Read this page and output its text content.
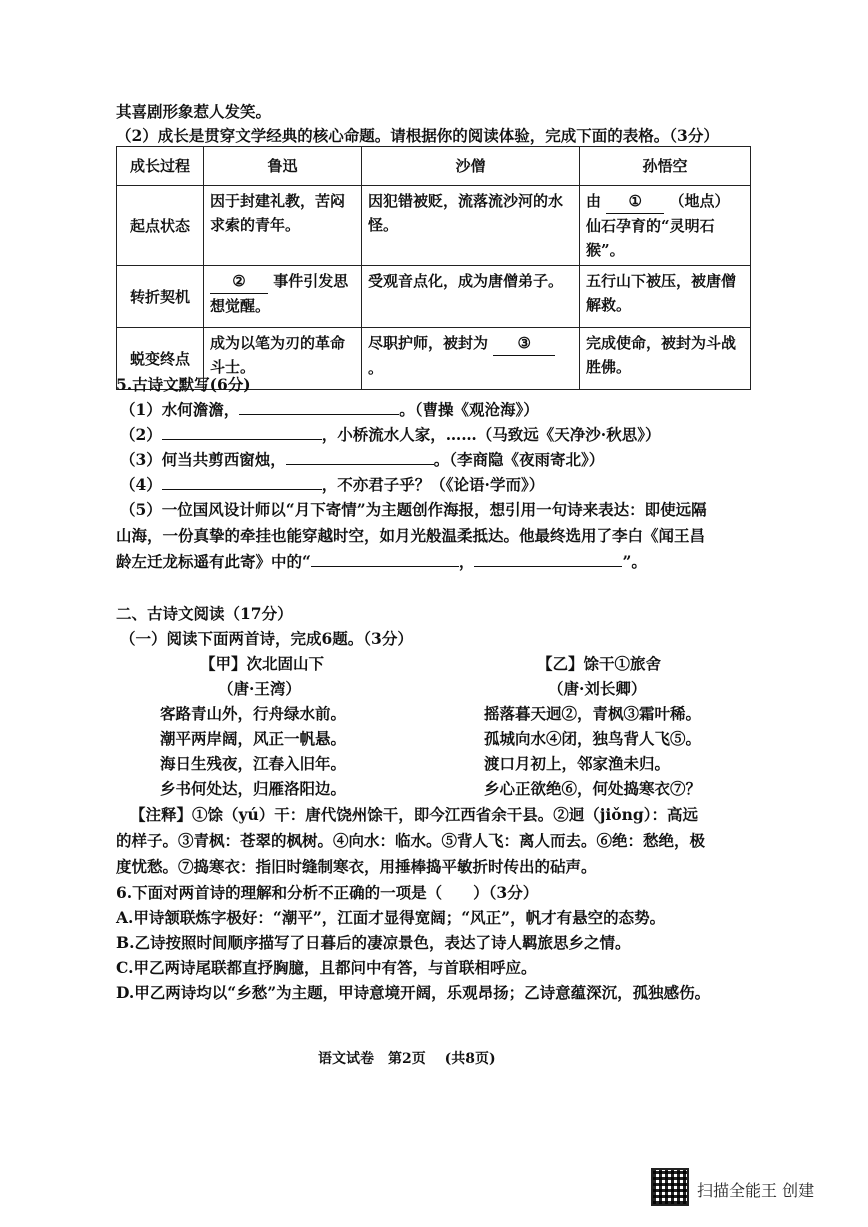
其喜剧形象惹人发笑。
（2）成长是贯穿文学经典的核心命题。请根据你的阅读体验，完成下面的表格。（3分）
成长过程	鲁迅	沙僧	孙悟空
起点状态	因于封建礼教，苦闷求索的青年。	因犯错被贬，流落流沙河的水怪。	由 ① （地点）仙石孕育的“灵明石猴”。
转折契机	② 事件引发思想觉醒。	受观音点化，成为唐僧弟子。	五行山下被压，被唐僧解救。
蜕变终点	成为以笔为刃的革命斗士。	尽职护师，被封为 ③ 。	完成使命，被封为斗战胜佛。
5.古诗文默写(6分)
（1）水何澹澹，	。（曹操《观沧海》）
（2）	，小桥流水人家，……（马致远《天净沙·秋思》）
（3）何当共剪西窗烛，	。（李商隐《夜雨寄北》）
（4）	，不亦君子乎？（《论语·学而》）
（5）一位国风设计师以“月下寄情”为主题创作海报，想引用一句诗来表达：即使远隔
山海，一份真挚的牵挂也能穿越时空，如月光般温柔抵达。他最终选用了李白《闻王昌
龄左迁龙标遥有此寄》中的“	，	”。
二、古诗文阅读（17分）
（一）阅读下面两首诗，完成6题。（3分）
【甲】次北固山下
（唐·王湾）
客路青山外，行舟绿水前。
潮平两岸阔，风正一帆悬。
海日生残夜，江春入旧年。
乡书何处达，归雁洛阳边。
【乙】馀干①旅舍
（唐·刘长卿）
摇落暮天迥②，青枫③霜叶稀。
孤城向水④闭，独鸟背人飞⑤。
渡口月初上，邻家渔未归。
乡心正欲绝⑥，何处捣寒衣⑦？
【注释】①馀（yú）干：唐代饶州馀干，即今江西省余干县。②迥（jiǒng）：高远
的样子。③青枫：苍翠的枫树。④向水：临水。⑤背人飞：离人而去。⑥绝：愁绝，极
度忧愁。⑦捣寒衣：指旧时缝制寒衣，用捶棒捣平敏折时传出的砧声。
6.下面对两首诗的理解和分析不正确的一项是（　　）（3分）
A.甲诗颔联炼字极好：“潮平”，江面才显得宽阔；“风正”，帆才有悬空的态势。
B.乙诗按照时间顺序描写了日暮后的凄凉景色，表达了诗人羁旅思乡之情。
C.甲乙两诗尾联都直抒胸臆，且都问中有答，与首联相呼应。
D.甲乙两诗均以“乡愁”为主题，甲诗意境开阔，乐观昂扬；乙诗意蕴深沉，孤独感伤。
语文试卷　第2页　 (共8页)
扫描全能王 创建
